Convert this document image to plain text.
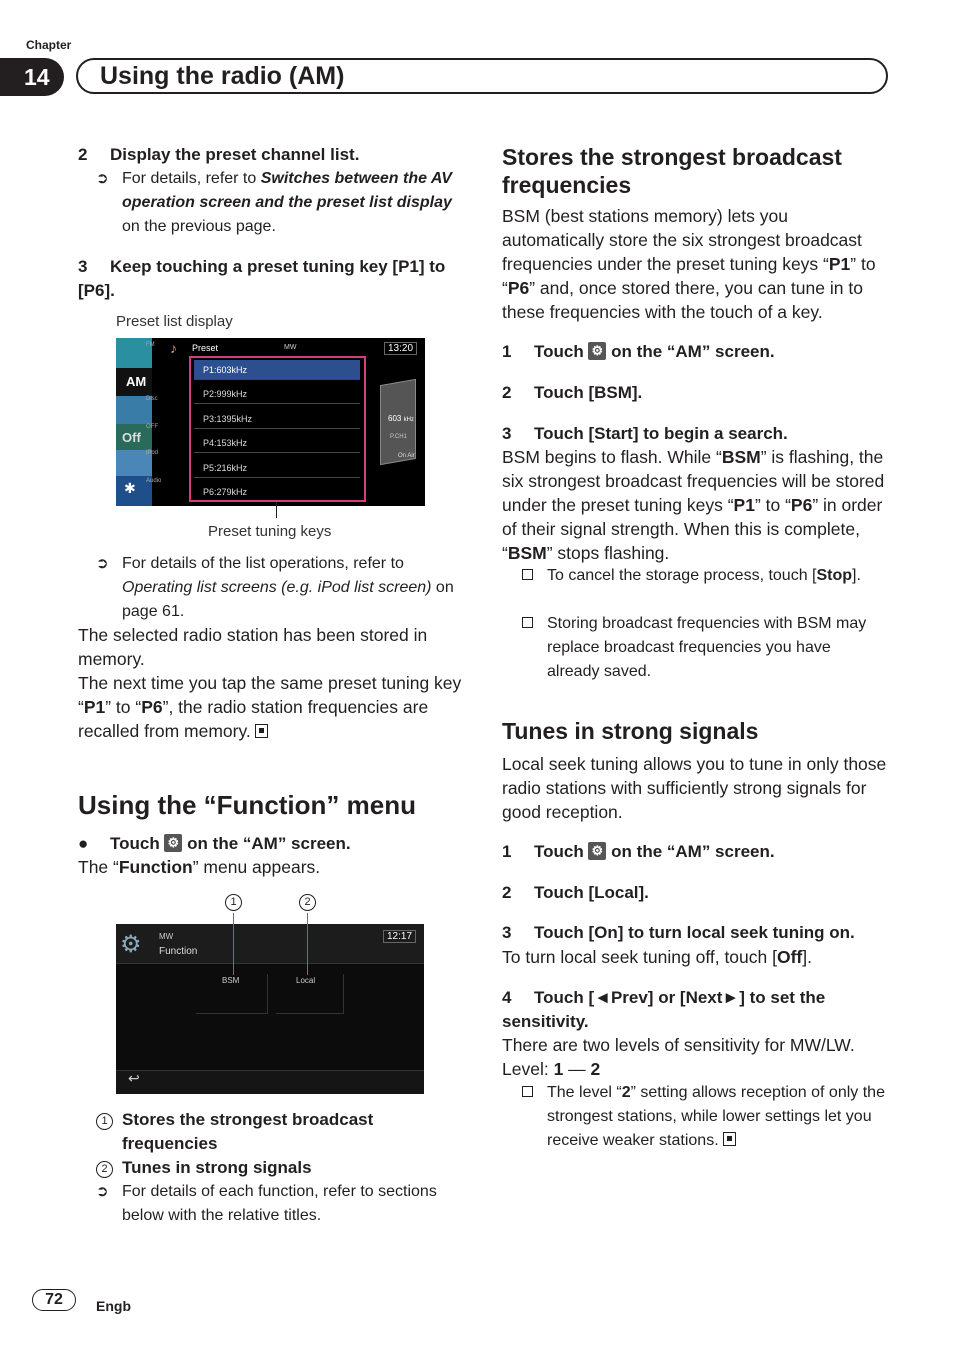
Chapter
14	Using the radio (AM)
2 Display the preset channel list.
➲ For details, refer to Switches between the AV operation screen and the preset list display on the previous page.
3 Keep touching a preset tuning key [P1] to [P6].
Preset list display
AM
Off
✱
FM
Disc
OFF
iPod
Audio
♪ Preset	MW	13:20
P1:603kHz
P2:999kHz
P3:1395kHz
P4:153kHz
P5:216kHz
P6:279kHz
603 kHz
P.CH1
On Air
Preset tuning keys
➲ For details of the list operations, refer to Operating list screens (e.g. iPod list screen) on page 61.
The selected radio station has been stored in memory.
The next time you tap the same preset tuning key “P1” to “P6”, the radio station frequencies are recalled from memory.
Using the “Function” menu
● Touch ⚙ on the “AM” screen.
The “Function” menu appears.
1	2
⚙	MW
Function
12:17
BSM	Local
↩
1 Stores the strongest broadcast frequencies
2 Tunes in strong signals
➲ For details of each function, refer to sections below with the relative titles.
Stores the strongest broadcast frequencies
BSM (best stations memory) lets you automatically store the six strongest broadcast frequencies under the preset tuning keys “P1” to “P6” and, once stored there, you can tune in to these frequencies with the touch of a key.
1 Touch ⚙ on the “AM” screen.
2 Touch [BSM].
3 Touch [Start] to begin a search.
BSM begins to flash. While “BSM” is flashing, the six strongest broadcast frequencies will be stored under the preset tuning keys “P1” to “P6” in order of their signal strength. When this is complete, “BSM” stops flashing.
To cancel the storage process, touch [Stop].
Storing broadcast frequencies with BSM may replace broadcast frequencies you have already saved.
Tunes in strong signals
Local seek tuning allows you to tune in only those radio stations with sufficiently strong signals for good reception.
1 Touch ⚙ on the “AM” screen.
2 Touch [Local].
3 Touch [On] to turn local seek tuning on.
To turn local seek tuning off, touch [Off].
4 Touch [◄Prev] or [Next►] to set the sensitivity.
There are two levels of sensitivity for MW/LW.
Level: 1 — 2
The level “2” setting allows reception of only the strongest stations, while lower settings let you receive weaker stations.
72	Engb
